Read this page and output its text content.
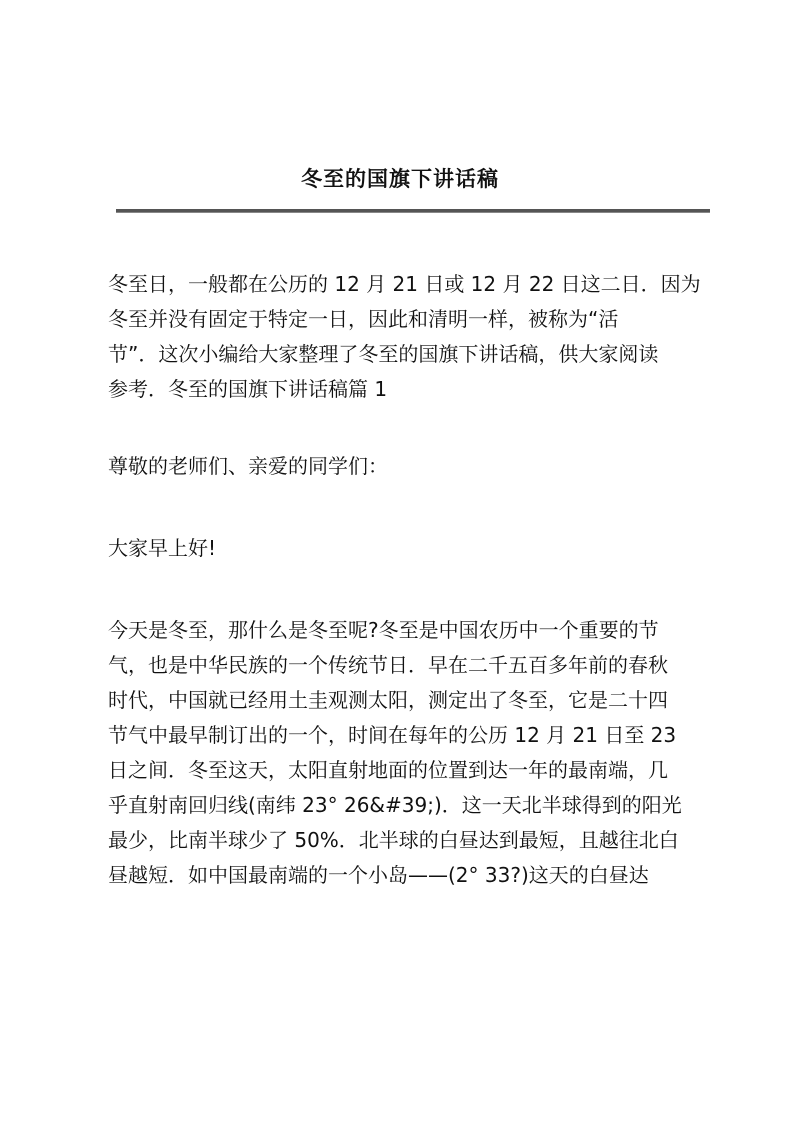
冬至的国旗下讲话稿

冬至日，一般都在公历的 12 月 21 日或 12 月 22 日这二日．因为
冬至并没有固定于特定一日，因此和清明一样，被称为“活
节”．这次小编给大家整理了冬至的国旗下讲话稿，供大家阅读
参考．冬至的国旗下讲话稿篇 1

尊敬的老师们、亲爱的同学们：

大家早上好!

今天是冬至，那什么是冬至呢?冬至是中国农历中一个重要的节
气，也是中华民族的一个传统节日．早在二千五百多年前的春秋
时代，中国就已经用土圭观测太阳，测定出了冬至，它是二十四
节气中最早制订出的一个，时间在每年的公历 12 月 21 日至 23
日之间．冬至这天，太阳直射地面的位置到达一年的最南端，几
乎直射南回归线(南纬 23° 26&#39;)．这一天北半球得到的阳光
最少，比南半球少了 50%．北半球的白昼达到最短，且越往北白
昼越短．如中国最南端的一个小岛——(2° 33?)这天的白昼达
